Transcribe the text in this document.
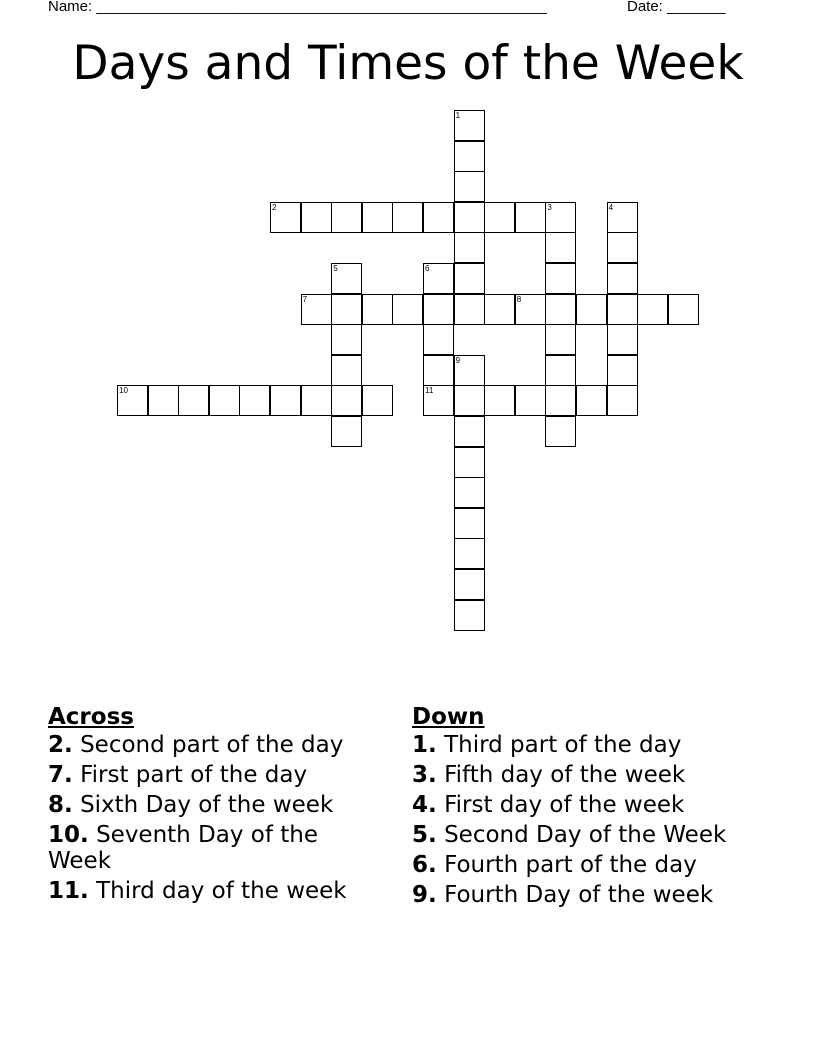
Name: ______________________________________________________	Date: _______
Days and Times of the Week
1
2	3	4
5	6
11
7	8
9
10
Across
2. Second part of the day
7. First part of the day
8. Sixth Day of the week
10. Seventh Day of the Week
11. Third day of the week
Down
1. Third part of the day
3. Fifth day of the week
4. First day of the week
5. Second Day of the Week
6. Fourth part of the day
9. Fourth Day of the week
